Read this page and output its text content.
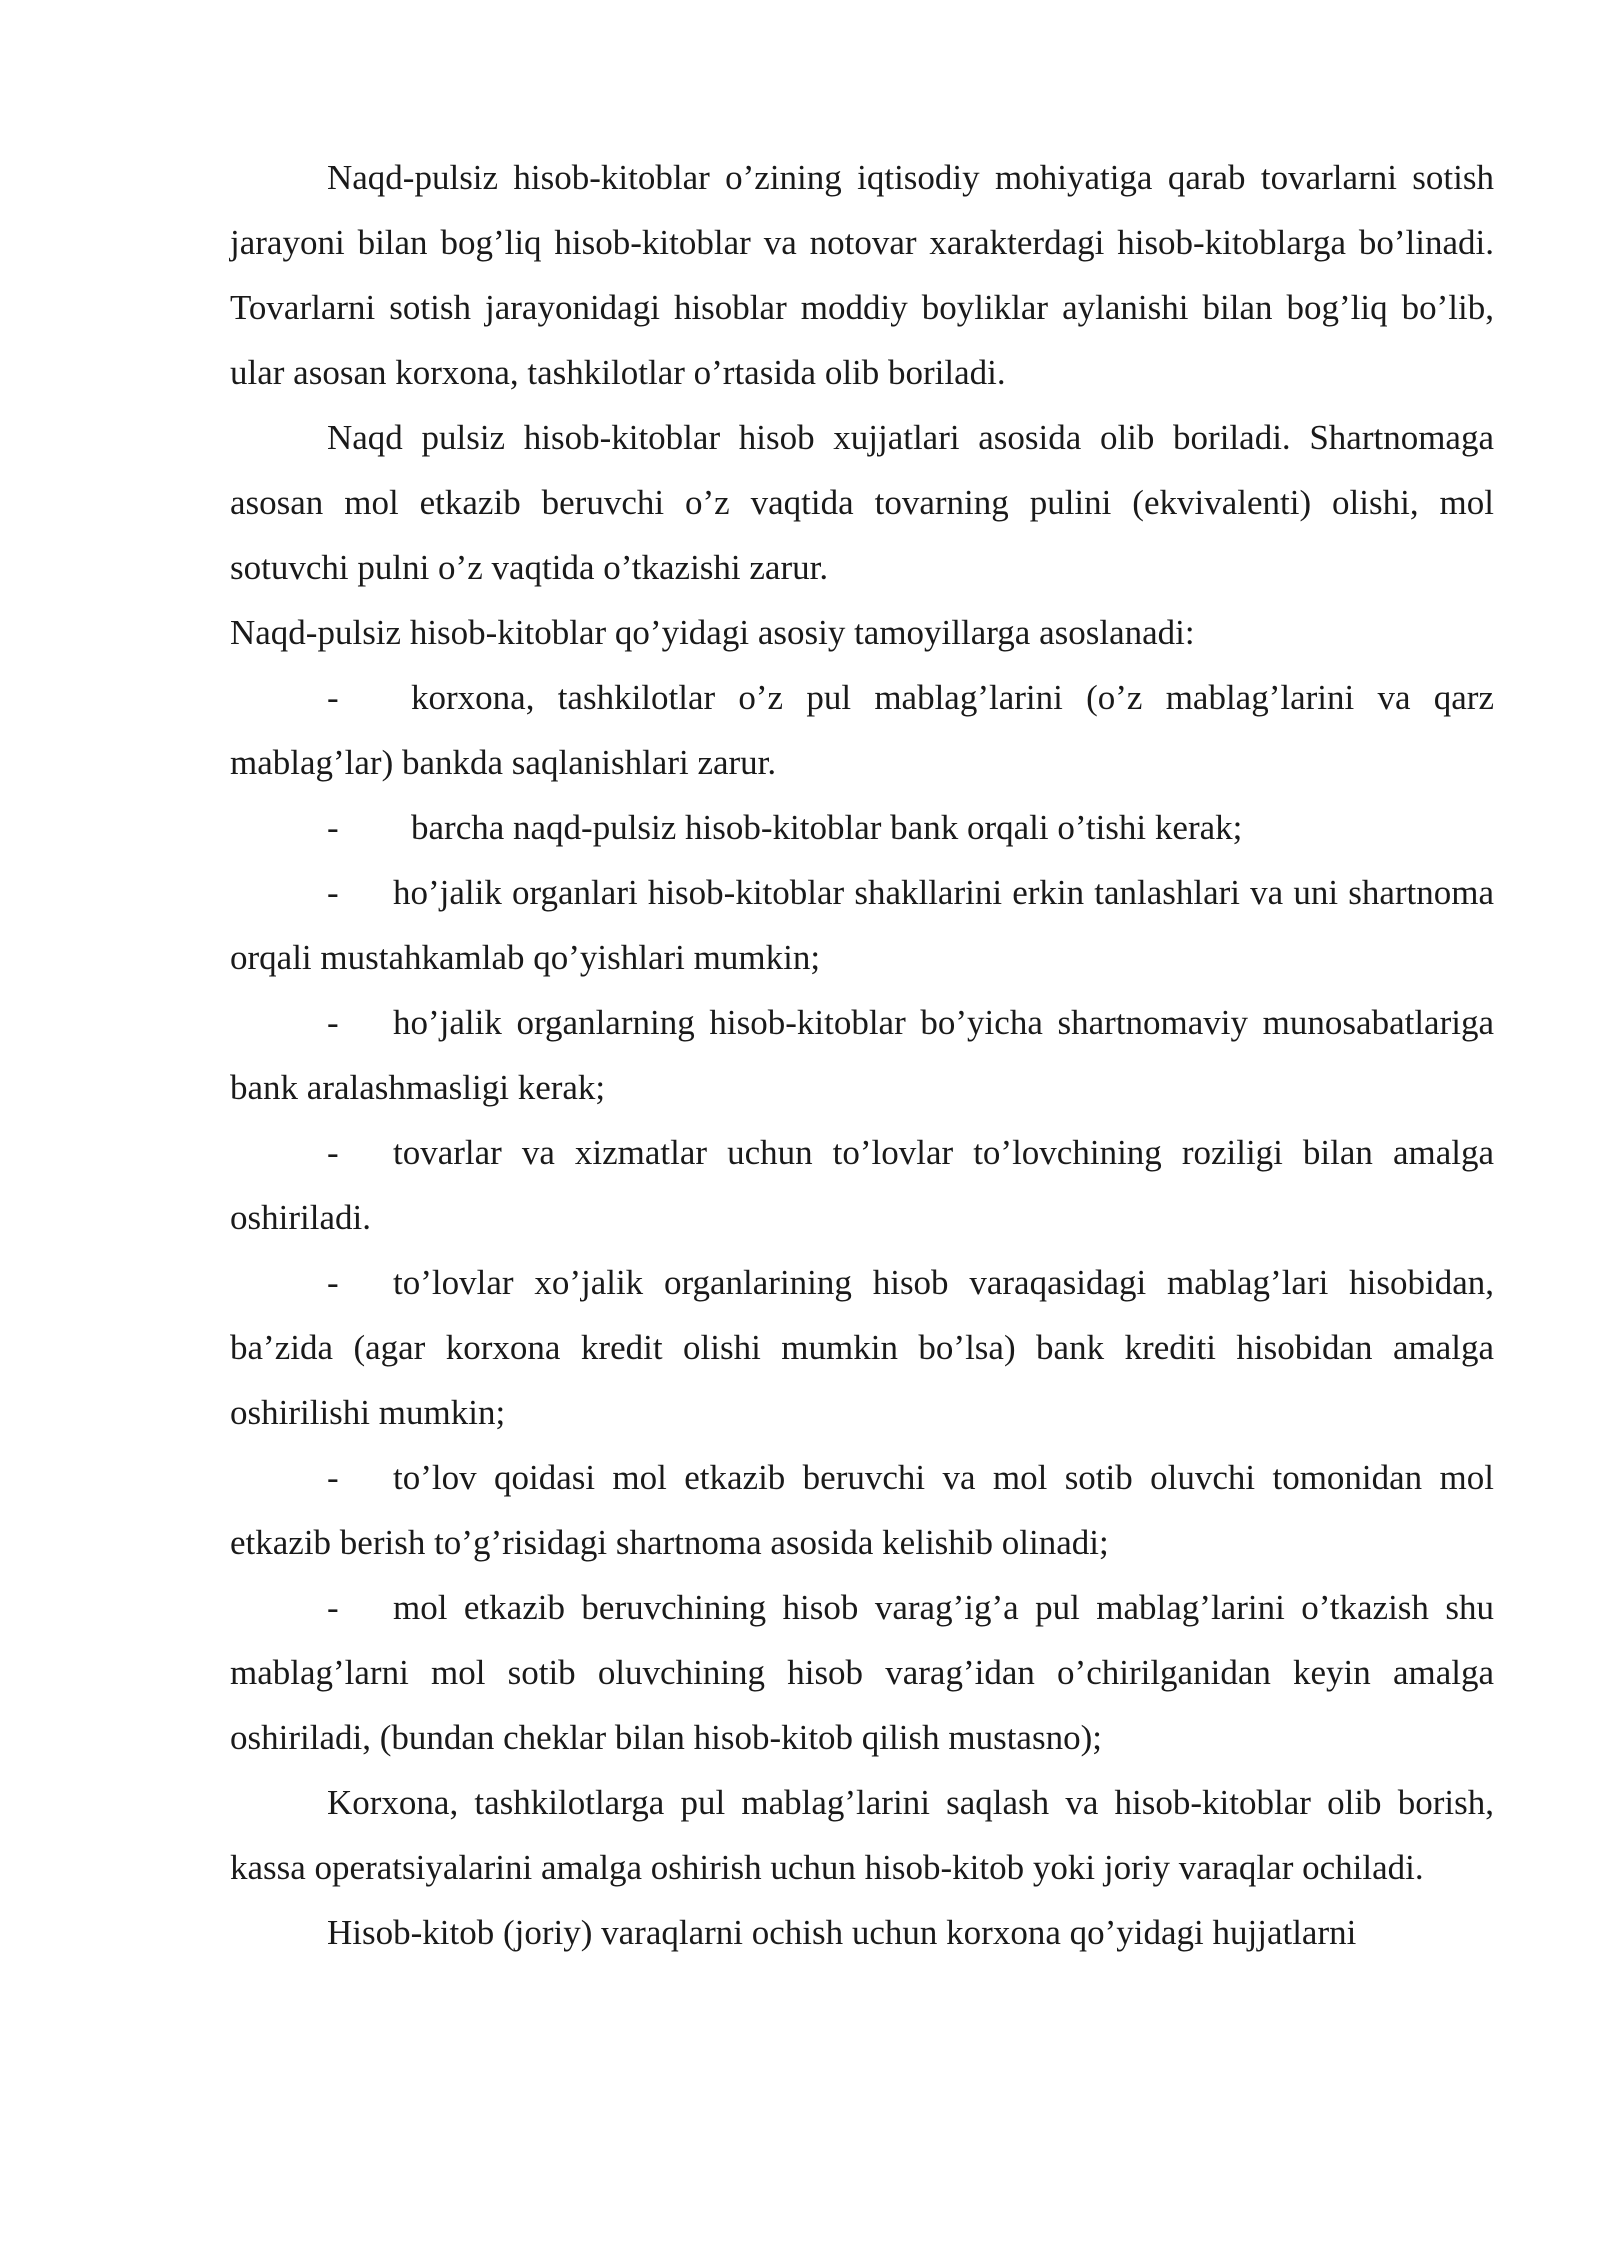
Naqd-pulsiz hisob-kitoblar o’zining iqtisodiy mohiyatiga qarab tovarlarni sotish jarayoni bilan bog’liq hisob-kitoblar va notovar xarakterdagi hisob-kitoblarga bo’linadi. Tovarlarni sotish jarayonidagi hisoblar moddiy boyliklar aylanishi bilan bog’liq bo’lib, ular asosan korxona, tashkilotlar o’rtasida olib boriladi.

Naqd pulsiz hisob-kitoblar hisob xujjatlari asosida olib boriladi. Shartnomaga asosan mol etkazib beruvchi o’z vaqtida tovarning pulini (ekvivalenti) olishi, mol sotuvchi pulni o’z vaqtida o’tkazishi zarur.

Naqd-pulsiz hisob-kitoblar qo’yidagi asosiy tamoyillarga asoslanadi:

- korxona, tashkilotlar o’z pul mablag’larini (o’z mablag’larini va qarz mablag’lar) bankda saqlanishlari zarur.

- barcha naqd-pulsiz hisob-kitoblar bank orqali o’tishi kerak;

- ho’jalik organlari hisob-kitoblar shakllarini erkin tanlashlari va uni shartnoma orqali mustahkamlab qo’yishlari mumkin;

- ho’jalik organlarning hisob-kitoblar bo’yicha shartnomaviy munosabatlariga bank aralashmasligi kerak;

- tovarlar va xizmatlar uchun to’lovlar to’lovchining roziligi bilan amalga oshiriladi.

- to’lovlar xo’jalik organlarining hisob varaqasidagi mablag’lari hisobidan, ba’zida (agar korxona kredit olishi mumkin bo’lsa) bank krediti hisobidan amalga oshirilishi mumkin;

- to’lov qoidasi mol etkazib beruvchi va mol sotib oluvchi tomonidan mol etkazib berish to’g’risidagi shartnoma asosida kelishib olinadi;

- mol etkazib beruvchining hisob varag’ig’a pul mablag’larini o’tkazish shu mablag’larni mol sotib oluvchining hisob varag’idan o’chirilganidan keyin amalga oshiriladi, (bundan cheklar bilan hisob-kitob qilish mustasno);

Korxona, tashkilotlarga pul mablag’larini saqlash va hisob-kitoblar olib borish, kassa operatsiyalarini amalga oshirish uchun hisob-kitob yoki joriy varaqlar ochiladi.

Hisob-kitob (joriy) varaqlarni ochish uchun korxona qo’yidagi hujjatlarni
